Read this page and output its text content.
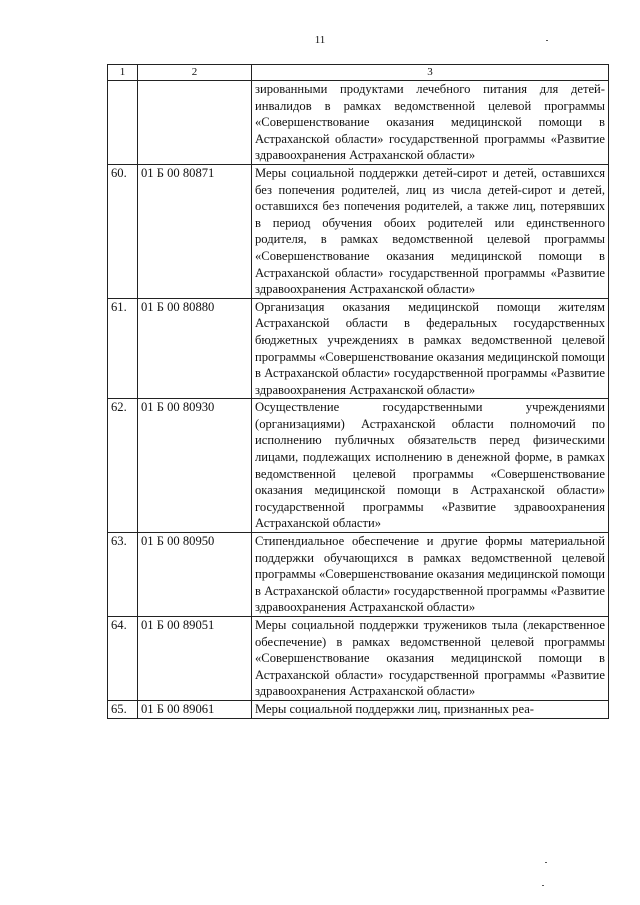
11
1	2	3
		зированными продуктами лечебного питания для детей-инвалидов в рамках ведомственной целевой программы «Совершенствование оказания медицинской помощи в Астраханской области» государственной программы «Развитие здравоохранения Астраханской области»
60.	01 Б 00 80871	Меры социальной поддержки детей-сирот и детей, оставшихся без попечения родителей, лиц из числа детей-сирот и детей, оставшихся без попечения родителей, а также лиц, потерявших в период обучения обоих родителей или единственного родителя, в рамках ведомственной целевой программы «Совершенствование оказания медицинской помощи в Астраханской области» государственной программы «Развитие здравоохранения Астраханской области»
61.	01 Б 00 80880	Организация оказания медицинской помощи жителям Астраханской области в федеральных государственных бюджетных учреждениях в рамках ведомственной целевой программы «Совершенствование оказания медицинской помощи в Астраханской области» государственной программы «Развитие здравоохранения Астраханской области»
62.	01 Б 00 80930	Осуществление государственными учреждениями (организациями) Астраханской области полномочий по исполнению публичных обязательств перед физическими лицами, подлежащих исполнению в денежной форме, в рамках ведомственной целевой программы «Совершенствование оказания медицинской помощи в Астраханской области» государственной программы «Развитие здравоохранения Астраханской области»
63.	01 Б 00 80950	Стипендиальное обеспечение и другие формы материальной поддержки обучающихся в рамках ведомственной целевой программы «Совершенствование оказания медицинской помощи в Астраханской области» государственной программы «Развитие здравоохранения Астраханской области»
64.	01 Б 00 89051	Меры социальной поддержки тружеников тыла (лекарственное обеспечение) в рамках ведомственной целевой программы «Совершенствование оказания медицинской помощи в Астраханской области» государственной программы «Развитие здравоохранения Астраханской области»
65.	01 Б 00 89061	Меры социальной поддержки лиц, признанных реа-
